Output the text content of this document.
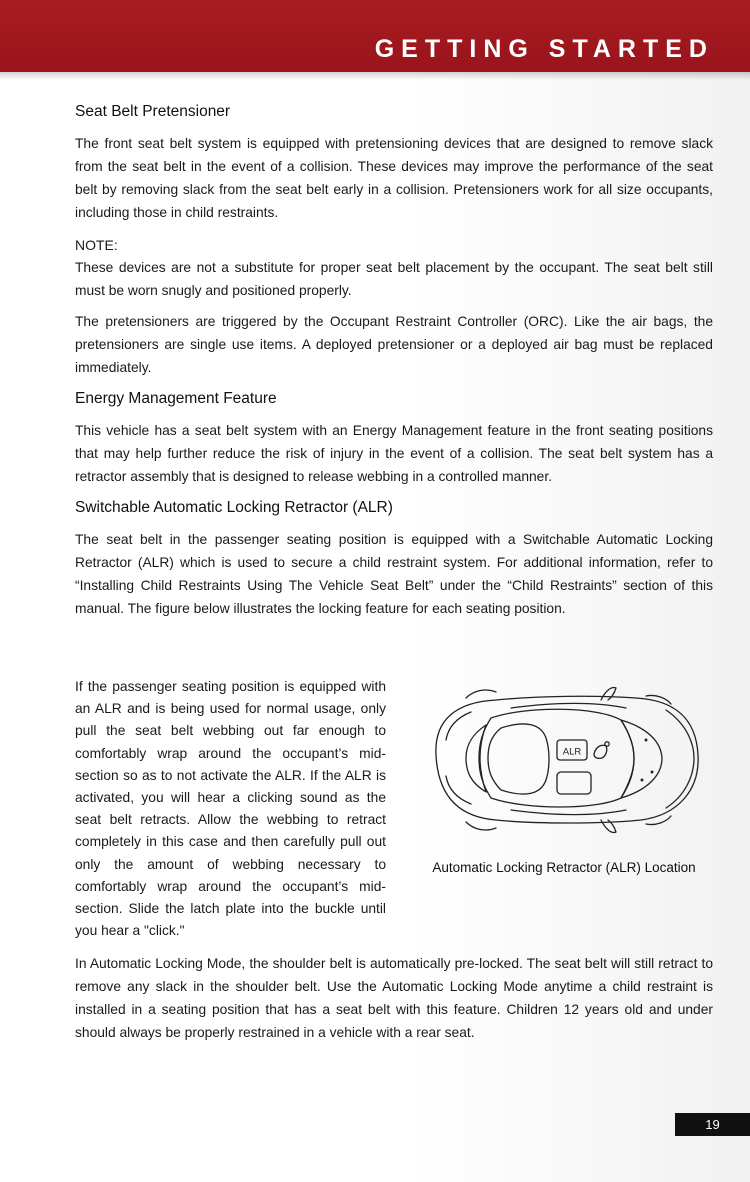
GETTING STARTED
Seat Belt Pretensioner

The front seat belt system is equipped with pretensioning devices that are designed to remove slack from the seat belt in the event of a collision. These devices may improve the performance of the seat belt by removing slack from the seat belt early in a collision. Pretensioners work for all size occupants, including those in child restraints.

NOTE:

These devices are not a substitute for proper seat belt placement by the occupant. The seat belt still must be worn snugly and positioned properly.

The pretensioners are triggered by the Occupant Restraint Controller (ORC). Like the air bags, the pretensioners are single use items. A deployed pretensioner or a deployed air bag must be replaced immediately.

Energy Management Feature

This vehicle has a seat belt system with an Energy Management feature in the front seating positions that may help further reduce the risk of injury in the event of a collision. The seat belt system has a retractor assembly that is designed to release webbing in a controlled manner.

Switchable Automatic Locking Retractor (ALR)

The seat belt in the passenger seating position is equipped with a Switchable Automatic Locking Retractor (ALR) which is used to secure a child restraint system. For additional information, refer to “Installing Child Restraints Using The Vehicle Seat Belt” under the “Child Restraints” section of this manual. The figure below illustrates the locking feature for each seating position.

If the passenger seating position is equipped with an ALR and is being used for normal usage, only pull the seat belt webbing out far enough to comfortably wrap around the occupant’s mid-section so as to not activate the ALR. If the ALR is activated, you will hear a clicking sound as the seat belt retracts. Allow the webbing to retract completely in this case and then carefully pull out only the amount of webbing necessary to comfortably wrap around the occupant’s mid-section. Slide the latch plate into the buckle until you hear a "click."

ALR
Automatic Locking Retractor (ALR) Location

In Automatic Locking Mode, the shoulder belt is automatically pre-locked. The seat belt will still retract to remove any slack in the shoulder belt. Use the Automatic Locking Mode anytime a child restraint is installed in a seating position that has a seat belt with this feature. Children 12 years old and under should always be properly restrained in a vehicle with a rear seat.

19
